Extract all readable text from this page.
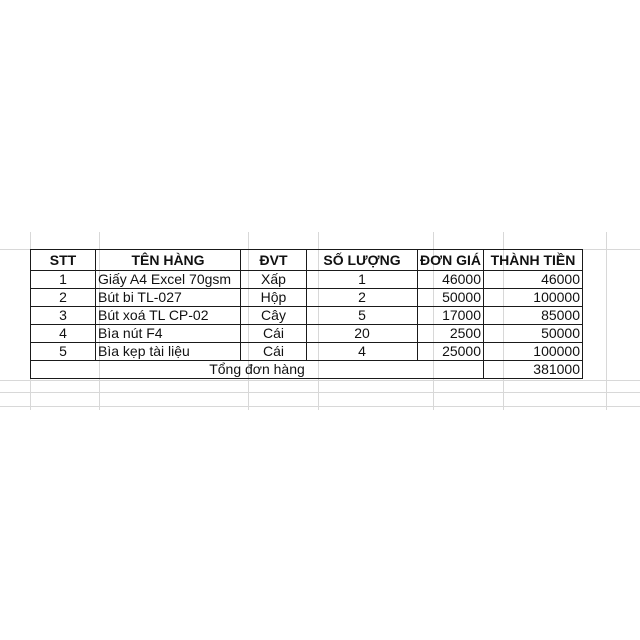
STT	TÊN HÀNG	ĐVT	SỐ LƯỢNG	ĐƠN GIÁ	THÀNH TIỀN
1	Giấy A4 Excel 70gsm	Xấp	1	46000	46000
2	Bút bi TL-027	Hộp	2	50000	100000
3	Bút xoá TL CP-02	Cây	5	17000	85000
4	Bìa nút F4	Cái	20	2500	50000
5	Bìa kẹp tài liệu	Cái	4	25000	100000
Tổng đơn hàng					381000
